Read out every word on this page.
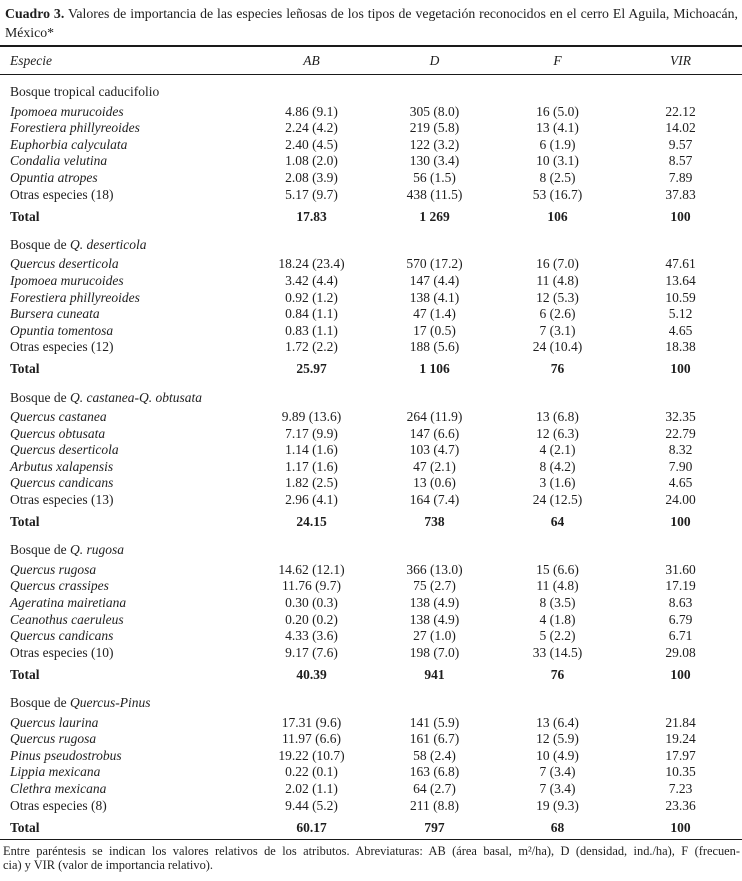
Cuadro 3. Valores de importancia de las especies leñosas de los tipos de vegetación reconocidos en el cerro El Aguila, Michoacán,
México*
Especie	AB	D	F	VIR
Bosque tropical caducifolio				
Ipomoea murucoides	4.86 (9.1)	305 (8.0)	16 (5.0)	22.12
Forestiera phillyreoides	2.24 (4.2)	219 (5.8)	13 (4.1)	14.02
Euphorbia calyculata	2.40 (4.5)	122 (3.2)	6 (1.9)	9.57
Condalia velutina	1.08 (2.0)	130 (3.4)	10 (3.1)	8.57
Opuntia atropes	2.08 (3.9)	56 (1.5)	8 (2.5)	7.89
Otras especies (18)	5.17 (9.7)	438 (11.5)	53 (16.7)	37.83
Total	17.83	1 269	106	100
Bosque de Q. deserticola				
Quercus deserticola	18.24 (23.4)	570 (17.2)	16 (7.0)	47.61
Ipomoea murucoides	3.42 (4.4)	147 (4.4)	11 (4.8)	13.64
Forestiera phillyreoides	0.92 (1.2)	138 (4.1)	12 (5.3)	10.59
Bursera cuneata	0.84 (1.1)	47 (1.4)	6 (2.6)	5.12
Opuntia tomentosa	0.83 (1.1)	17 (0.5)	7 (3.1)	4.65
Otras especies (12)	1.72 (2.2)	188 (5.6)	24 (10.4)	18.38
Total	25.97	1 106	76	100
Bosque de Q. castanea-Q. obtusata				
Quercus castanea	9.89 (13.6)	264 (11.9)	13 (6.8)	32.35
Quercus obtusata	7.17 (9.9)	147 (6.6)	12 (6.3)	22.79
Quercus deserticola	1.14 (1.6)	103 (4.7)	4 (2.1)	8.32
Arbutus xalapensis	1.17 (1.6)	47 (2.1)	8 (4.2)	7.90
Quercus candicans	1.82 (2.5)	13 (0.6)	3 (1.6)	4.65
Otras especies (13)	2.96 (4.1)	164 (7.4)	24 (12.5)	24.00
Total	24.15	738	64	100
Bosque de Q. rugosa				
Quercus rugosa	14.62 (12.1)	366 (13.0)	15 (6.6)	31.60
Quercus crassipes	11.76 (9.7)	75 (2.7)	11 (4.8)	17.19
Ageratina mairetiana	0.30 (0.3)	138 (4.9)	8 (3.5)	8.63
Ceanothus caeruleus	0.20 (0.2)	138 (4.9)	4 (1.8)	6.79
Quercus candicans	4.33 (3.6)	27 (1.0)	5 (2.2)	6.71
Otras especies (10)	9.17 (7.6)	198 (7.0)	33 (14.5)	29.08
Total	40.39	941	76	100
Bosque de Quercus-Pinus				
Quercus laurina	17.31 (9.6)	141 (5.9)	13 (6.4)	21.84
Quercus rugosa	11.97 (6.6)	161 (6.7)	12 (5.9)	19.24
Pinus pseudostrobus	19.22 (10.7)	58 (2.4)	10 (4.9)	17.97
Lippia mexicana	0.22 (0.1)	163 (6.8)	7 (3.4)	10.35
Clethra mexicana	2.02 (1.1)	64 (2.7)	7 (3.4)	7.23
Otras especies (8)	9.44 (5.2)	211 (8.8)	19 (9.3)	23.36
Total	60.17	797	68	100
Entre paréntesis se indican los valores relativos de los atributos. Abreviaturas: AB (área basal, m²/ha), D (densidad, ind./ha), F (frecuen-
cia) y VIR (valor de importancia relativo).
